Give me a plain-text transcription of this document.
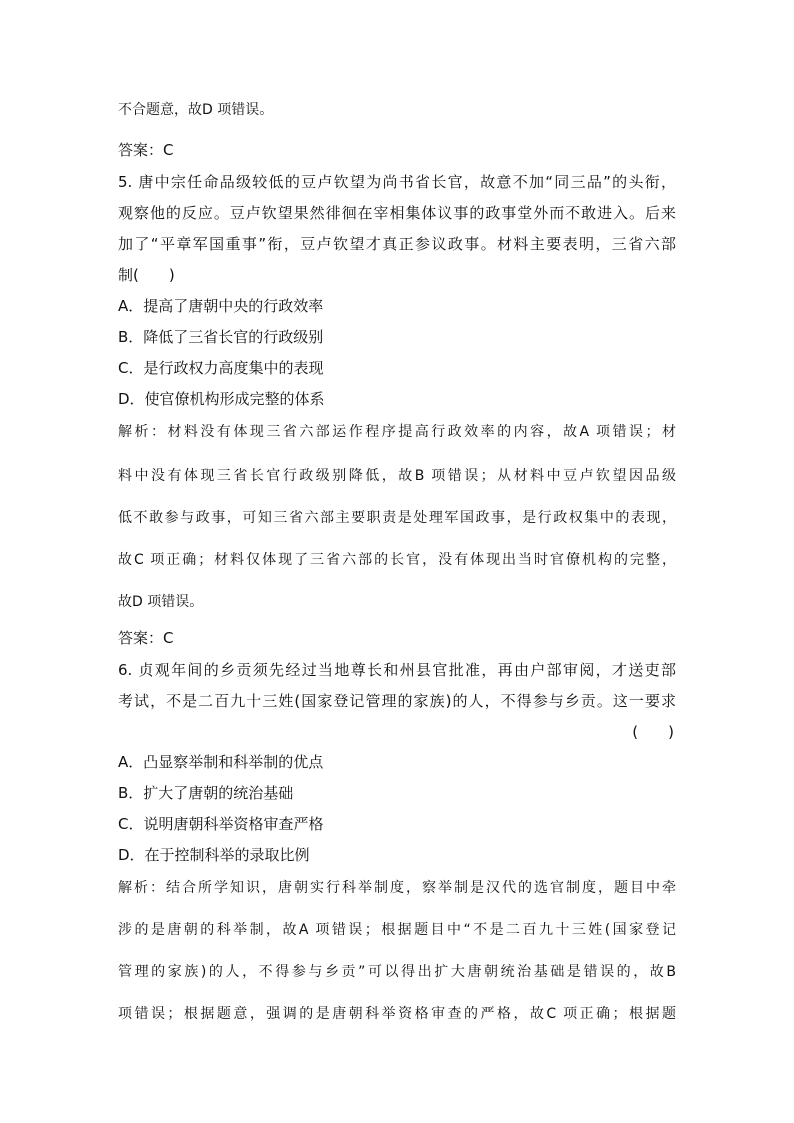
不合题意，故D 项错误。
答案：C
5. 唐中宗任命品级较低的豆卢钦望为尚书省长官，故意不加“同三品”的头衔，
观察他的反应。豆卢钦望果然徘徊在宰相集体议事的政事堂外而不敢进入。后来
加了“平章军国重事”衔，豆卢钦望才真正参议政事。材料主要表明，三省六部
制(　　)
A．提高了唐朝中央的行政效率
B．降低了三省长官的行政级别
C．是行政权力高度集中的表现
D．使官僚机构形成完整的体系
解析：材料没有体现三省六部运作程序提高行政效率的内容，故A 项错误；材
料中没有体现三省长官行政级别降低，故B 项错误；从材料中豆卢钦望因品级
低不敢参与政事，可知三省六部主要职责是处理军国政事，是行政权集中的表现，
故C 项正确；材料仅体现了三省六部的长官，没有体现出当时官僚机构的完整，
故D 项错误。
答案：C
6. 贞观年间的乡贡须先经过当地尊长和州县官批准，再由户部审阅，才送吏部
考试，不是二百九十三姓(国家登记管理的家族)的人，不得参与乡贡。这一要求
(　　)
A．凸显察举制和科举制的优点
B．扩大了唐朝的统治基础
C．说明唐朝科举资格审查严格
D．在于控制科举的录取比例
解析：结合所学知识，唐朝实行科举制度，察举制是汉代的选官制度，题目中牵
涉的是唐朝的科举制，故A 项错误；根据题目中“不是二百九十三姓(国家登记
管理的家族)的人，不得参与乡贡”可以得出扩大唐朝统治基础是错误的，故B
项错误；根据题意，强调的是唐朝科举资格审查的严格，故C 项正确；根据题
